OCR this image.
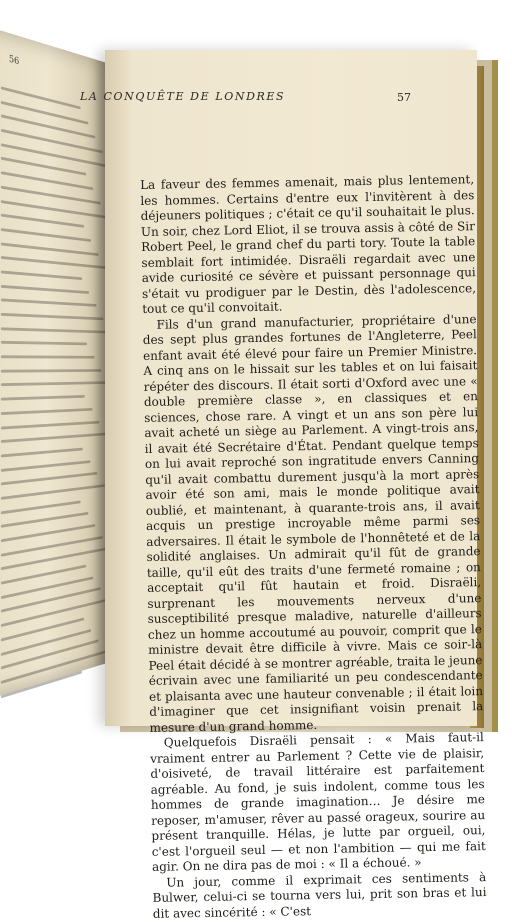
56
LA CONQUÊTE DE LONDRES	57

La faveur des femmes amenait, mais plus lentement, les hommes. Certains d'entre eux l'invitèrent à des déjeuners politiques ; c'était ce qu'il souhaitait le plus. Un soir, chez Lord Eliot, il se trouva assis à côté de Sir Robert Peel, le grand chef du parti tory. Toute la table semblait fort intimidée. Disraëli regardait avec une avide curiosité ce sévère et puissant personnage qui s'était vu prodiguer par le Destin, dès l'adolescence, tout ce qu'il convoitait.

Fils d'un grand manufacturier, propriétaire d'une des sept plus grandes fortunes de l'Angleterre, Peel enfant avait été élevé pour faire un Premier Ministre. A cinq ans on le hissait sur les tables et on lui faisait répéter des discours. Il était sorti d'Oxford avec une « double première classe », en classiques et en sciences, chose rare. A vingt et un ans son père lui avait acheté un siège au Parlement. A vingt-trois ans, il avait été Secrétaire d'État. Pendant quelque temps on lui avait reproché son ingratitude envers Canning qu'il avait combattu durement jusqu'à la mort après avoir été son ami, mais le monde politique avait oublié, et maintenant, à quarante-trois ans, il avait acquis un prestige incroyable même parmi ses adversaires. Il était le symbole de l'honnêteté et de la solidité anglaises. Un admirait qu'il fût de grande taille, qu'il eût des traits d'une fermeté romaine ; on acceptait qu'il fût hautain et froid. Disraëli, surprenant les mouvements nerveux d'une susceptibilité presque maladive, naturelle d'ailleurs chez un homme accoutumé au pouvoir, comprit que le ministre devait être difficile à vivre. Mais ce soir-là Peel était décidé à se montrer agréable, traita le jeune écrivain avec une familiarité un peu condescendante et plaisanta avec une hauteur convenable ; il était loin d'imaginer que cet insignifiant voisin prenait la mesure d'un grand homme.

Quelquefois Disraëli pensait : « Mais faut-il vraiment entrer au Parlement ? Cette vie de plaisir, d'oisiveté, de travail littéraire est parfaitement agréable. Au fond, je suis indolent, comme tous les hommes de grande imagination… Je désire me reposer, m'amuser, rêver au passé orageux, sourire au présent tranquille. Hélas, je lutte par orgueil, oui, c'est l'orgueil seul — et non l'ambition — qui me fait agir. On ne dira pas de moi : « Il a échoué. »

Un jour, comme il exprimait ces sentiments à Bulwer, celui-ci se tourna vers lui, prit son bras et lui dit avec sincérité : « C'est
